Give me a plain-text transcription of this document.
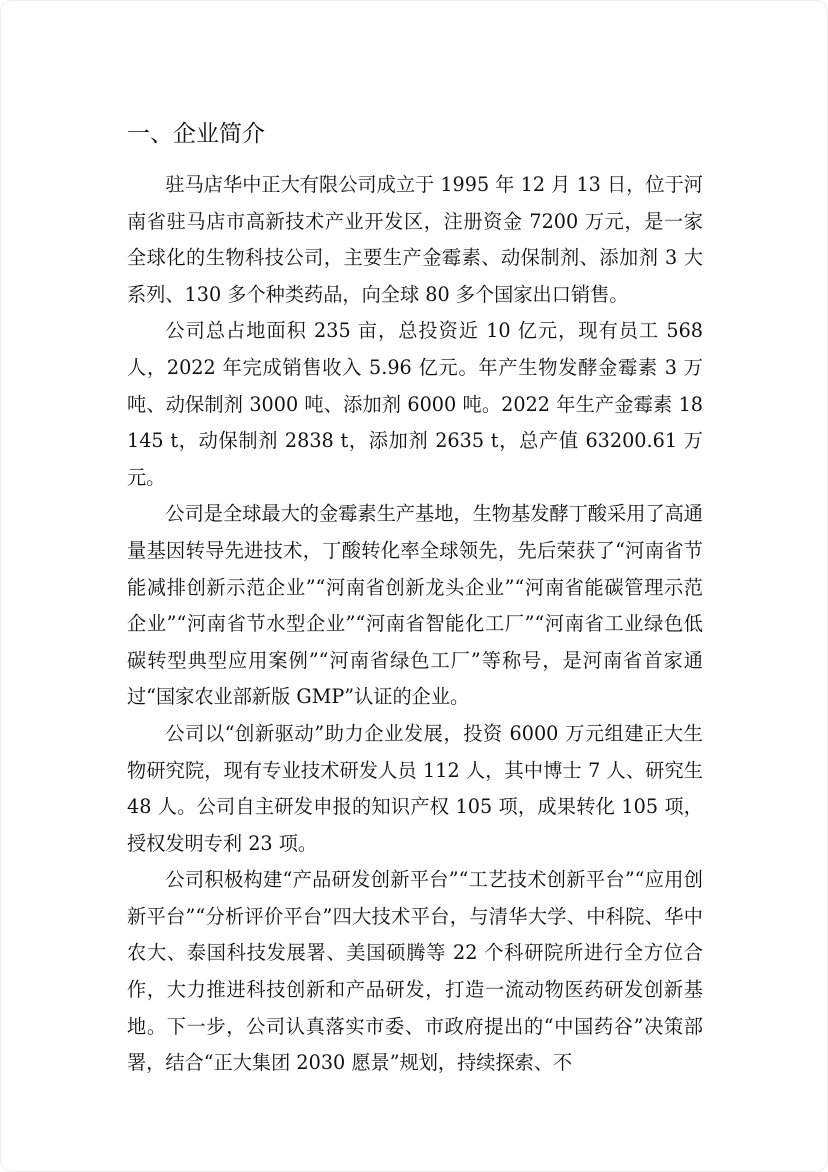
一、企业简介

驻马店华中正大有限公司成立于 1995 年 12 月 13 日，位于河南省驻马店市高新技术产业开发区，注册资金 7200 万元，是一家全球化的生物科技公司，主要生产金霉素、动保制剂、添加剂 3 大系列、130 多个种类药品，向全球 80 多个国家出口销售。

公司总占地面积 235 亩，总投资近 10 亿元，现有员工 568 人，2022 年完成销售收入 5.96 亿元。年产生物发酵金霉素 3 万吨、动保制剂 3000 吨、添加剂 6000 吨。2022 年生产金霉素 18145 t，动保制剂 2838 t，添加剂 2635 t，总产值 63200.61 万元。

公司是全球最大的金霉素生产基地，生物基发酵丁酸采用了高通量基因转导先进技术，丁酸转化率全球领先，先后荣获了“河南省节能减排创新示范企业”“河南省创新龙头企业”“河南省能碳管理示范企业”“河南省节水型企业”“河南省智能化工厂”“河南省工业绿色低碳转型典型应用案例”“河南省绿色工厂”等称号，是河南省首家通过“国家农业部新版 GMP”认证的企业。

公司以“创新驱动”助力企业发展，投资 6000 万元组建正大生物研究院，现有专业技术研发人员 112 人，其中博士 7 人、研究生 48 人。公司自主研发申报的知识产权 105 项，成果转化 105 项，授权发明专利 23 项。

公司积极构建“产品研发创新平台”“工艺技术创新平台”“应用创新平台”“分析评价平台”四大技术平台，与清华大学、中科院、华中农大、泰国科技发展署、美国硕腾等 22 个科研院所进行全方位合作，大力推进科技创新和产品研发，打造一流动物医药研发创新基地。下一步，公司认真落实市委、市政府提出的“中国药谷”决策部署，结合“正大集团 2030 愿景”规划，持续探索、不
